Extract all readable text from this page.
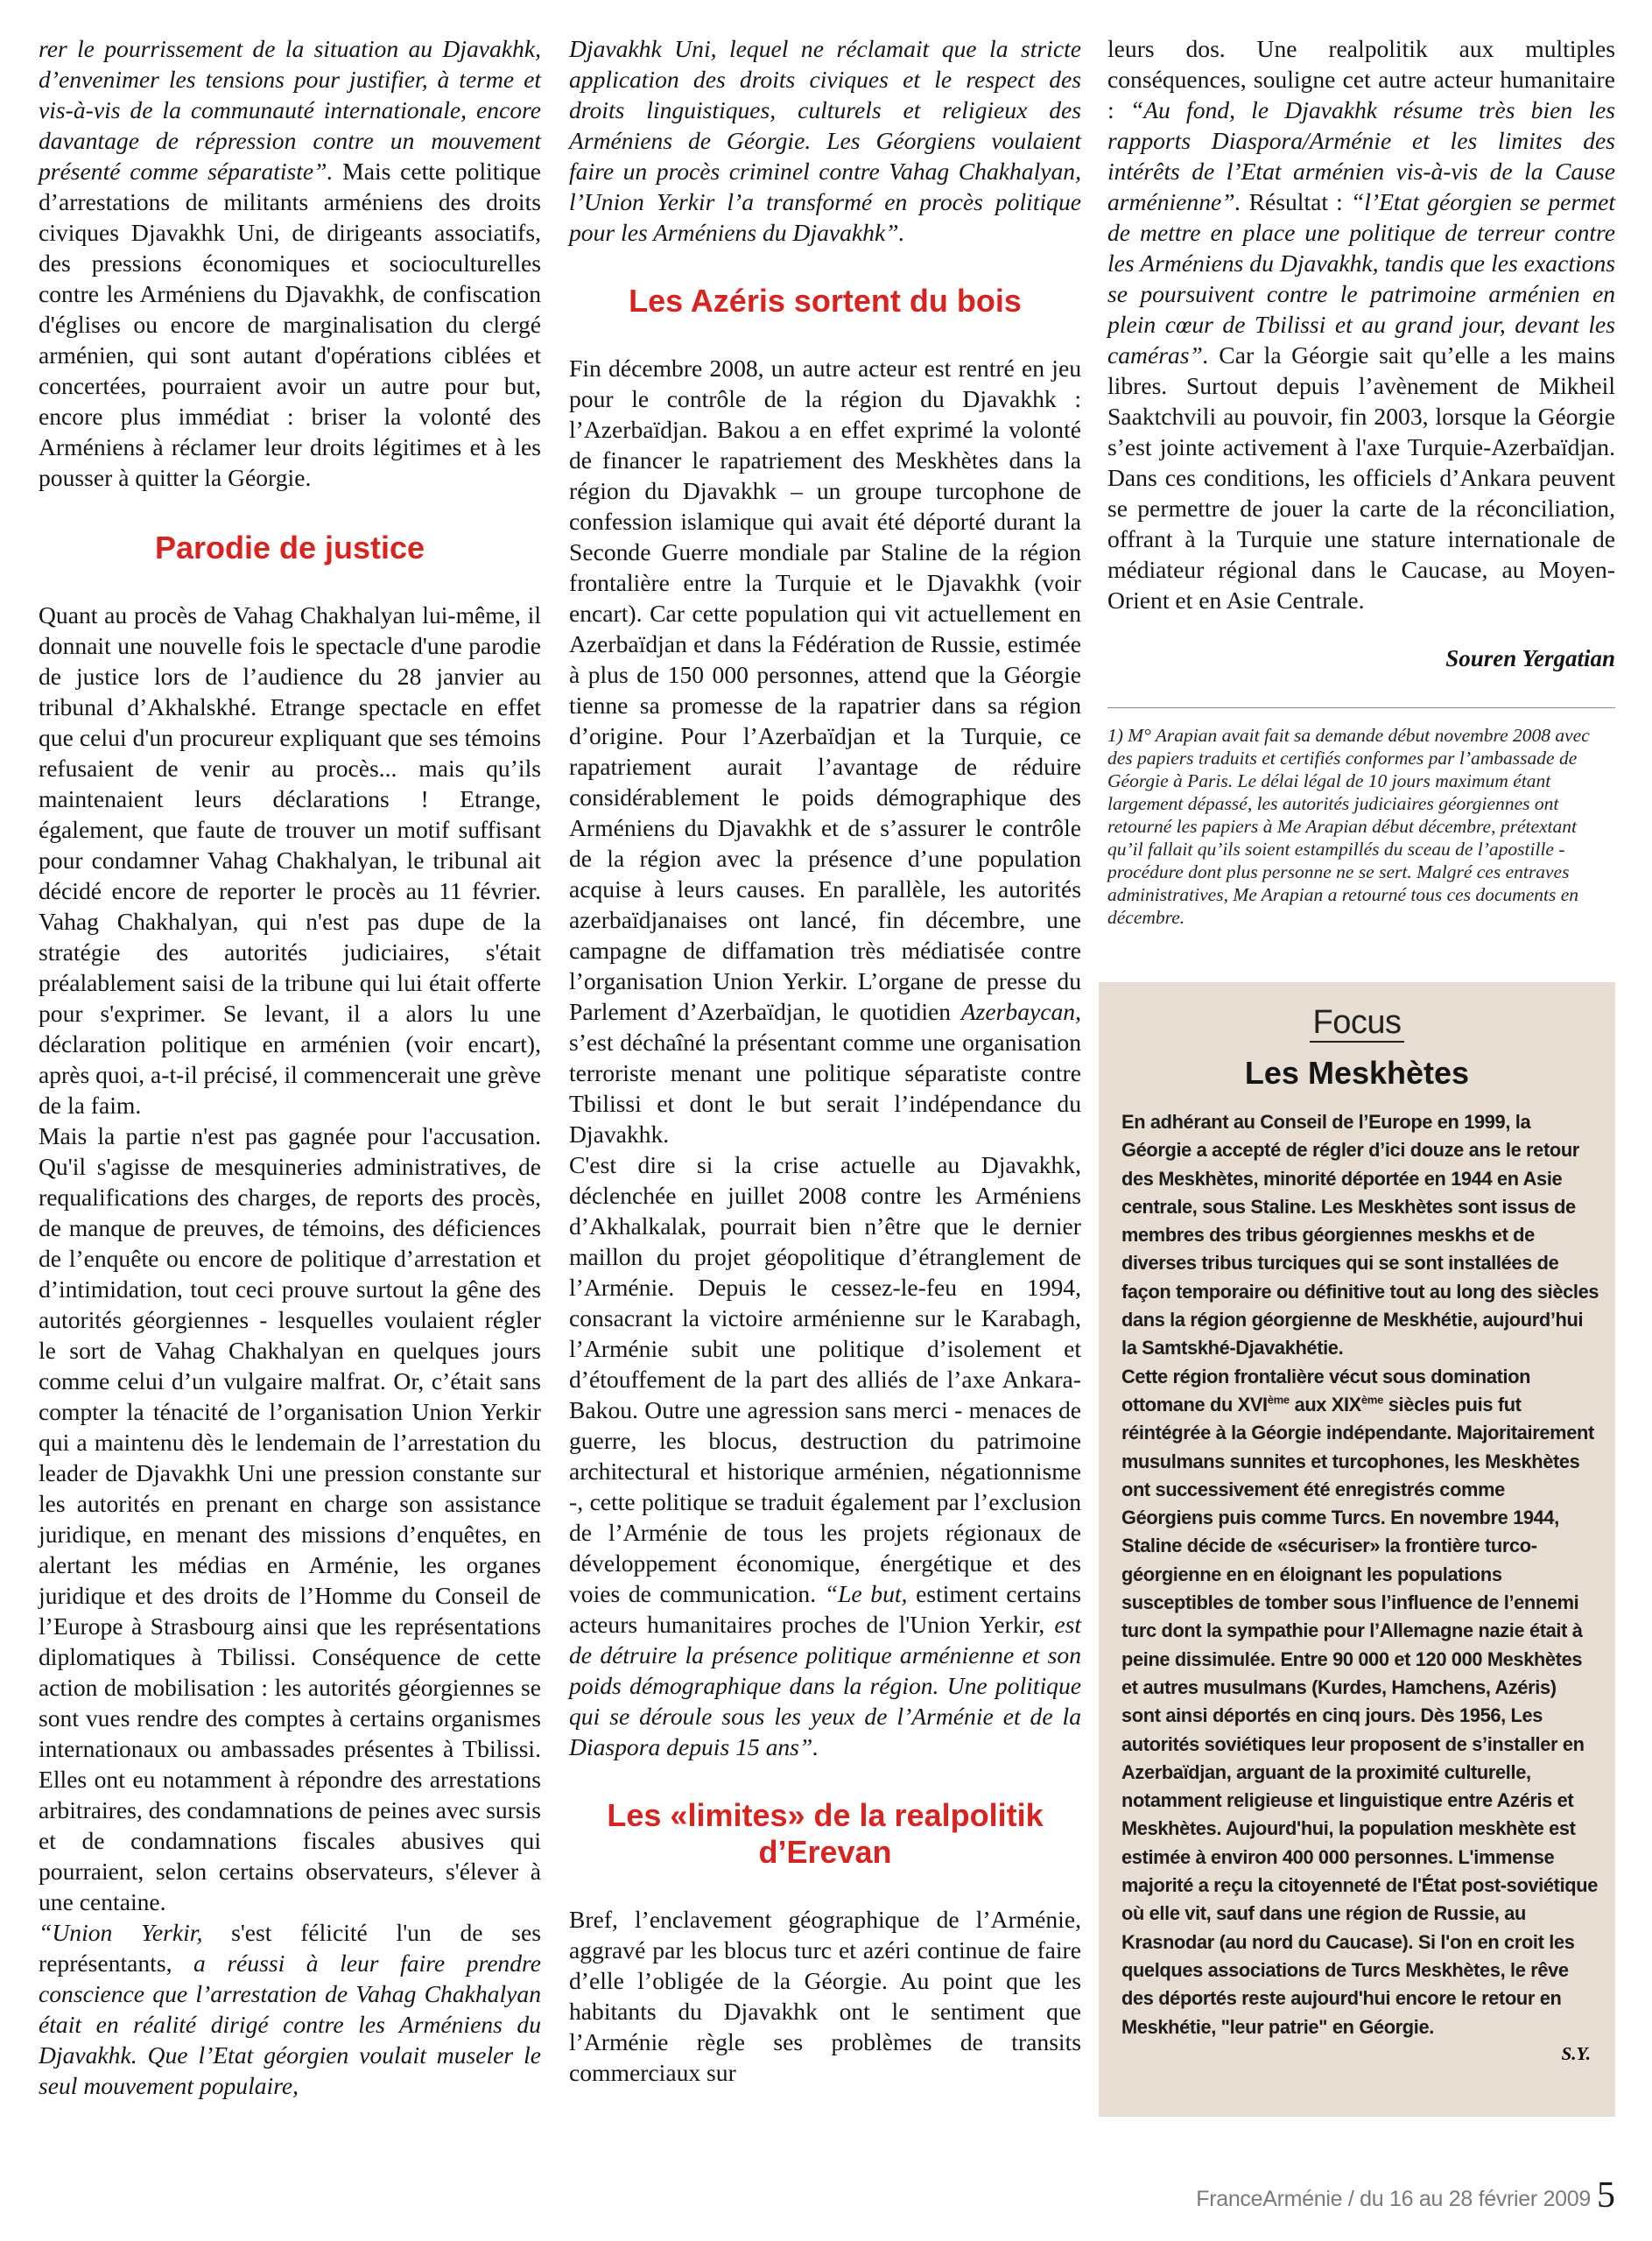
rer le pourrissement de la situation au Djavakhk, d’envenimer les tensions pour justifier, à terme et vis-à-vis de la communauté internationale, encore davantage de répression contre un mouvement présenté comme séparatiste”. Mais cette politique d’arrestations de militants arméniens des droits civiques Djavakhk Uni, de dirigeants associatifs, des pressions économiques et socioculturelles contre les Arméniens du Djavakhk, de confiscation d'églises ou encore de marginalisation du clergé arménien, qui sont autant d'opérations ciblées et concertées, pourraient avoir un autre pour but, encore plus immédiat : briser la volonté des Arméniens à réclamer leur droits légitimes et à les pousser à quitter la Géorgie.

Parodie de justice

Quant au procès de Vahag Chakhalyan lui-même, il donnait une nouvelle fois le spectacle d'une parodie de justice lors de l’audience du 28 janvier au tribunal d’Akhalskhé. Etrange spectacle en effet que celui d'un procureur expliquant que ses témoins refusaient de venir au procès... mais qu’ils maintenaient leurs déclarations ! Etrange, également, que faute de trouver un motif suffisant pour condamner Vahag Chakhalyan, le tribunal ait décidé encore de reporter le procès au 11 février. Vahag Chakhalyan, qui n'est pas dupe de la stratégie des autorités judiciaires, s'était préalablement saisi de la tribune qui lui était offerte pour s'exprimer. Se levant, il a alors lu une déclaration politique en arménien (voir encart), après quoi, a-t-il précisé, il commencerait une grève de la faim.

Mais la partie n'est pas gagnée pour l'accusation. Qu'il s'agisse de mesquineries administratives, de requalifications des charges, de reports des procès, de manque de preuves, de témoins, des déficiences de l’enquête ou encore de politique d’arrestation et d’intimidation, tout ceci prouve surtout la gêne des autorités géorgiennes - lesquelles voulaient régler le sort de Vahag Chakhalyan en quelques jours comme celui d’un vulgaire malfrat. Or, c’était sans compter la ténacité de l’organisation Union Yerkir qui a maintenu dès le lendemain de l’arrestation du leader de Djavakhk Uni une pression constante sur les autorités en prenant en charge son assistance juridique, en menant des missions d’enquêtes, en alertant les médias en Arménie, les organes juridique et des droits de l’Homme du Conseil de l’Europe à Strasbourg ainsi que les représentations diplomatiques à Tbilissi. Conséquence de cette action de mobilisation : les autorités géorgiennes se sont vues rendre des comptes à certains organismes internationaux ou ambassades présentes à Tbilissi. Elles ont eu notamment à répondre des arrestations arbitraires, des condamnations de peines avec sursis et de condamnations fiscales abusives qui pourraient, selon certains observateurs, s'élever à une centaine.

“Union Yerkir, s'est félicité l'un de ses représentants, a réussi à leur faire prendre conscience que l’arrestation de Vahag Chakhalyan était en réalité dirigé contre les Arméniens du Djavakhk. Que l’Etat géorgien voulait museler le seul mouvement populaire,

Djavakhk Uni, lequel ne réclamait que la stricte application des droits civiques et le respect des droits linguistiques, culturels et religieux des Arméniens de Géorgie. Les Géorgiens voulaient faire un procès criminel contre Vahag Chakhalyan, l’Union Yerkir l’a transformé en procès politique pour les Arméniens du Djavakhk”.

Les Azéris sortent du bois

Fin décembre 2008, un autre acteur est rentré en jeu pour le contrôle de la région du Djavakhk : l’Azerbaïdjan. Bakou a en effet exprimé la volonté de financer le rapatriement des Meskhètes dans la région du Djavakhk – un groupe turcophone de confession islamique qui avait été déporté durant la Seconde Guerre mondiale par Staline de la région frontalière entre la Turquie et le Djavakhk (voir encart). Car cette population qui vit actuellement en Azerbaïdjan et dans la Fédération de Russie, estimée à plus de 150 000 personnes, attend que la Géorgie tienne sa promesse de la rapatrier dans sa région d’origine. Pour l’Azerbaïdjan et la Turquie, ce rapatriement aurait l’avantage de réduire considérablement le poids démographique des Arméniens du Djavakhk et de s’assurer le contrôle de la région avec la présence d’une population acquise à leurs causes. En parallèle, les autorités azerbaïdjanaises ont lancé, fin décembre, une campagne de diffamation très médiatisée contre l’organisation Union Yerkir. L’organe de presse du Parlement d’Azerbaïdjan, le quotidien Azerbaycan, s’est déchaîné la présentant comme une organisation terroriste menant une politique séparatiste contre Tbilissi et dont le but serait l’indépendance du Djavakhk.

C'est dire si la crise actuelle au Djavakhk, déclenchée en juillet 2008 contre les Arméniens d’Akhalkalak, pourrait bien n’être que le dernier maillon du projet géopolitique d’étranglement de l’Arménie. Depuis le cessez-le-feu en 1994, consacrant la victoire arménienne sur le Karabagh, l’Arménie subit une politique d’isolement et d’étouffement de la part des alliés de l’axe Ankara-Bakou. Outre une agression sans merci - menaces de guerre, les blocus, destruction du patrimoine architectural et historique arménien, négationnisme -, cette politique se traduit également par l’exclusion de l’Arménie de tous les projets régionaux de développement économique, énergétique et des voies de communication. “Le but, estiment certains acteurs humanitaires proches de l'Union Yerkir, est de détruire la présence politique arménienne et son poids démographique dans la région. Une politique qui se déroule sous les yeux de l’Arménie et de la Diaspora depuis 15 ans”.

Les «limites» de la realpolitik d’Erevan

Bref, l’enclavement géographique de l’Arménie, aggravé par les blocus turc et azéri continue de faire d’elle l’obligée de la Géorgie. Au point que les habitants du Djavakhk ont le sentiment que l’Arménie règle ses problèmes de transits commerciaux sur

leurs dos. Une realpolitik aux multiples conséquences, souligne cet autre acteur humanitaire : “Au fond, le Djavakhk résume très bien les rapports Diaspora/Arménie et les limites des intérêts de l’Etat arménien vis-à-vis de la Cause arménienne”. Résultat : “l’Etat géorgien se permet de mettre en place une politique de terreur contre les Arméniens du Djavakhk, tandis que les exactions se poursuivent contre le patrimoine arménien en plein cœur de Tbilissi et au grand jour, devant les caméras”. Car la Géorgie sait qu’elle a les mains libres. Surtout depuis l’avènement de Mikheil Saaktchvili au pouvoir, fin 2003, lorsque la Géorgie s’est jointe activement à l'axe Turquie-Azerbaïdjan. Dans ces conditions, les officiels d’Ankara peuvent se permettre de jouer la carte de la réconciliation, offrant à la Turquie une stature internationale de médiateur régional dans le Caucase, au Moyen-Orient et en Asie Centrale.

Souren Yergatian
1) M° Arapian avait fait sa demande début novembre 2008 avec des papiers traduits et certifiés conformes par l’ambassade de Géorgie à Paris. Le délai légal de 10 jours maximum étant largement dépassé, les autorités judiciaires géorgiennes ont retourné les papiers à Me Arapian début décembre, prétextant qu’il fallait qu’ils soient estampillés du sceau de l’apostille - procédure dont plus personne ne se sert. Malgré ces entraves administratives, Me Arapian a retourné tous ces documents en décembre.
Focus
Les Meskhètes

En adhérant au Conseil de l’Europe en 1999, la Géorgie a accepté de régler d’ici douze ans le retour des Meskhètes, minorité déportée en 1944 en Asie centrale, sous Staline. Les Meskhètes sont issus de membres des tribus géorgiennes meskhs et de diverses tribus turciques qui se sont installées de façon temporaire ou définitive tout au long des siècles dans la région géorgienne de Meskhétie, aujourd’hui la Samtskhé-Djavakhétie.

Cette région frontalière vécut sous domination ottomane du XVIème aux XIXème siècles puis fut réintégrée à la Géorgie indépendante. Majoritairement musulmans sunnites et turcophones, les Meskhètes ont successivement été enregistrés comme Géorgiens puis comme Turcs. En novembre 1944, Staline décide de «sécuriser» la frontière turco-géorgienne en en éloignant les populations susceptibles de tomber sous l’influence de l’ennemi turc dont la sympathie pour l’Allemagne nazie était à peine dissimulée. Entre 90 000 et 120 000 Meskhètes et autres musulmans (Kurdes, Hamchens, Azéris) sont ainsi déportés en cinq jours. Dès 1956, Les autorités soviétiques leur proposent de s’installer en Azerbaïdjan, arguant de la proximité culturelle, notamment religieuse et linguistique entre Azéris et Meskhètes. Aujourd'hui, la population meskhète est estimée à environ 400 000 personnes. L'immense majorité a reçu la citoyenneté de l'État post-soviétique où elle vit, sauf dans une région de Russie, au Krasnodar (au nord du Caucase). Si l'on en croit les quelques associations de Turcs Meskhètes, le rêve des déportés reste aujourd'hui encore le retour en Meskhétie, "leur patrie" en Géorgie.

S.Y.
FranceArménie / du 16 au 28 février 2009 5
